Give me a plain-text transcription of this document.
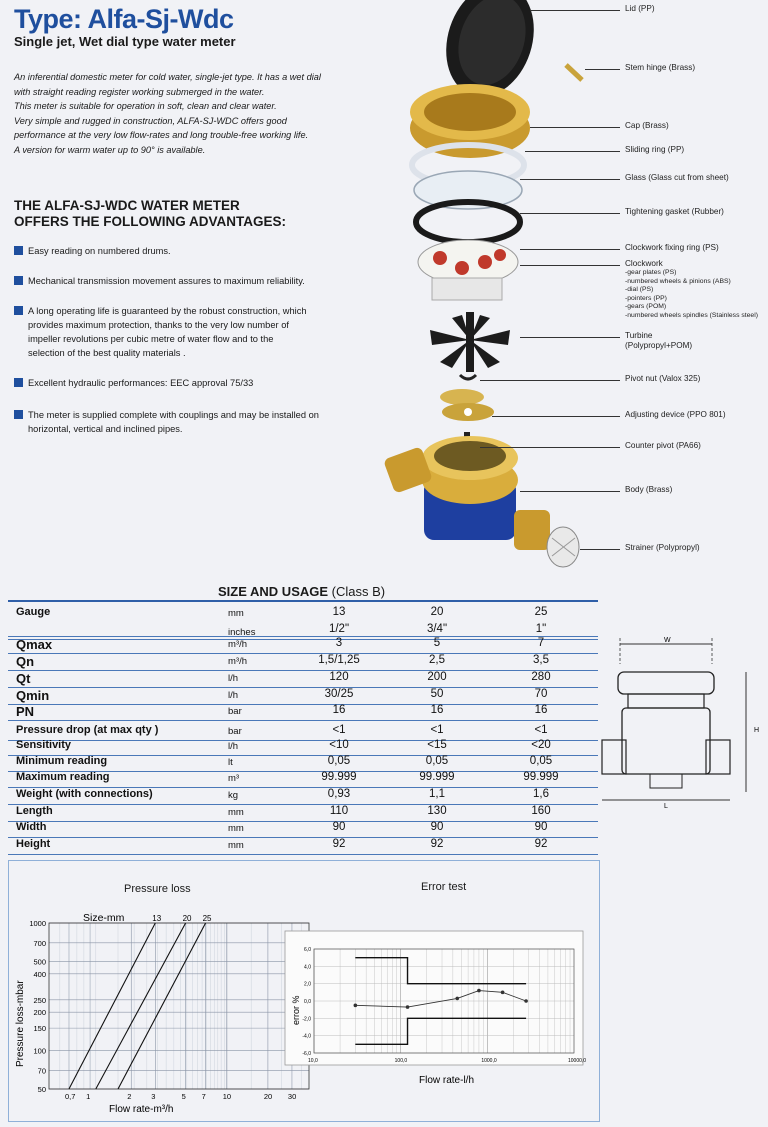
Type: Alfa-Sj-Wdc
Single jet, Wet dial type water meter
An inferential domestic meter for cold water, single-jet type. It has a wet dial
with straight reading register working submerged in the water.
This meter is suitable for operation in soft, clean and clear water.
Very simple and rugged in construction, ALFA-SJ-WDC offers good
performance at the very low flow-rates and long trouble-free working life.
A version for warm water up to 90° is available.
THE ALFA-SJ-WDC WATER METER
OFFERS THE FOLLOWING ADVANTAGES:
Easy reading on numbered drums.
Mechanical transmission movement assures to maximum reliability.
A long operating life is guaranteed by the robust construction, which
provides maximum protection, thanks to the very low number of
impeller revolutions per cubic metre of water flow and to the
selection of the best quality materials .
Excellent hydraulic performances: EEC approval 75/33
The meter is supplied complete with couplings and may be installed on
horizontal, vertical and inclined pipes.
Lid (PP)
Stem hinge (Brass)
Cap (Brass)
Sliding ring (PP)
Glass (Glass cut from sheet)
Tightening gasket (Rubber)
Clockwork fixing ring (PS)
Clockwork
-gear plates (PS)
-numbered wheels & pinions (ABS)
-dial (PS)
-pointers (PP)
-gears (POM)
-numbered wheels spindles (Stainless steel)
Turbine
(Polypropyl+POM)
Pivot nut (Valox 325)
Adjusting device (PPO 801)
Counter pivot (PA66)
Body (Brass)
Strainer (Polypropyl)
SIZE AND USAGE (Class B)
Gauge	mm	13	20	25
inches	1/2"	3/4"	1"
Qmax	m³/h	3	5	7
Qn	m³/h	1,5/1,25	2,5	3,5
Qt	l/h	120	200	280
Qmin	l/h	30/25	50	70
PN	bar	16	16	16
Pressure drop (at max qty )	bar	<1	<1	<1
Sensitivity	l/h	<10	<15	<20
Minimum reading	lt	0,05	0,05	0,05
Maximum reading	m³	99.999	99.999	99.999
Weight (with connections)	kg	0,93	1,1	1,6
Length	mm	110	130	160
Width	mm	90	90	90
Height	mm	92	92	92
W
H
L
Pressure loss	Error test
0,7 1	2	3	5 7 10	20 30
1000
700
500
400
250
200
150
100
70
50
13	20 25
Size-mm
Flow rate-m³/h
Pressure loss-mbar	10,0	100,0	1000,0	10000,0
6,0
4,0
2,0
0,0
-2,0
-4,0
-6,0
Flow rate-l/h
error %
